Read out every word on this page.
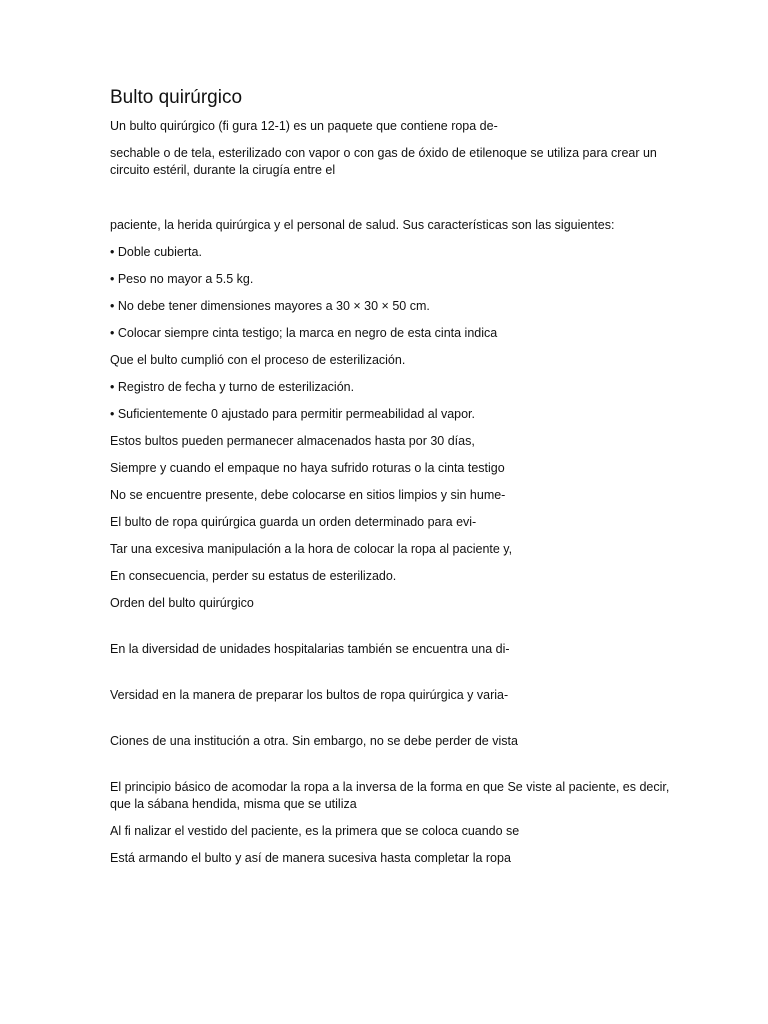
Bulto quirúrgico

Un bulto quirúrgico (fi gura 12-1) es un paquete que contiene ropa de-

sechable o de tela, esterilizado con vapor o con gas de óxido de etilenoque se utiliza para crear un circuito estéril, durante la cirugía entre el

paciente, la herida quirúrgica y el personal de salud. Sus características son las siguientes:

• Doble cubierta.

• Peso no mayor a 5.5 kg.

• No debe tener dimensiones mayores a 30 × 30 × 50 cm.

• Colocar siempre cinta testigo; la marca en negro de esta cinta indica

Que el bulto cumplió con el proceso de esterilización.

• Registro de fecha y turno de esterilización.

• Suficientemente 0 ajustado para permitir permeabilidad al vapor.

Estos bultos pueden permanecer almacenados hasta por 30 días,

Siempre y cuando el empaque no haya sufrido roturas o la cinta testigo

No se encuentre presente, debe colocarse en sitios limpios y sin hume-

El bulto de ropa quirúrgica guarda un orden determinado para evi-

Tar una excesiva manipulación a la hora de colocar la ropa al paciente y,

En consecuencia, perder su estatus de esterilizado.

Orden del bulto quirúrgico

En la diversidad de unidades hospitalarias también se encuentra una di-

Versidad en la manera de preparar los bultos de ropa quirúrgica y varia-

Ciones de una institución a otra. Sin embargo, no se debe perder de vista

El principio básico de acomodar la ropa a la inversa de la forma en que Se viste al paciente, es decir, que la sábana hendida, misma que se utiliza

Al fi nalizar el vestido del paciente, es la primera que se coloca cuando se

Está armando el bulto y así de manera sucesiva hasta completar la ropa
